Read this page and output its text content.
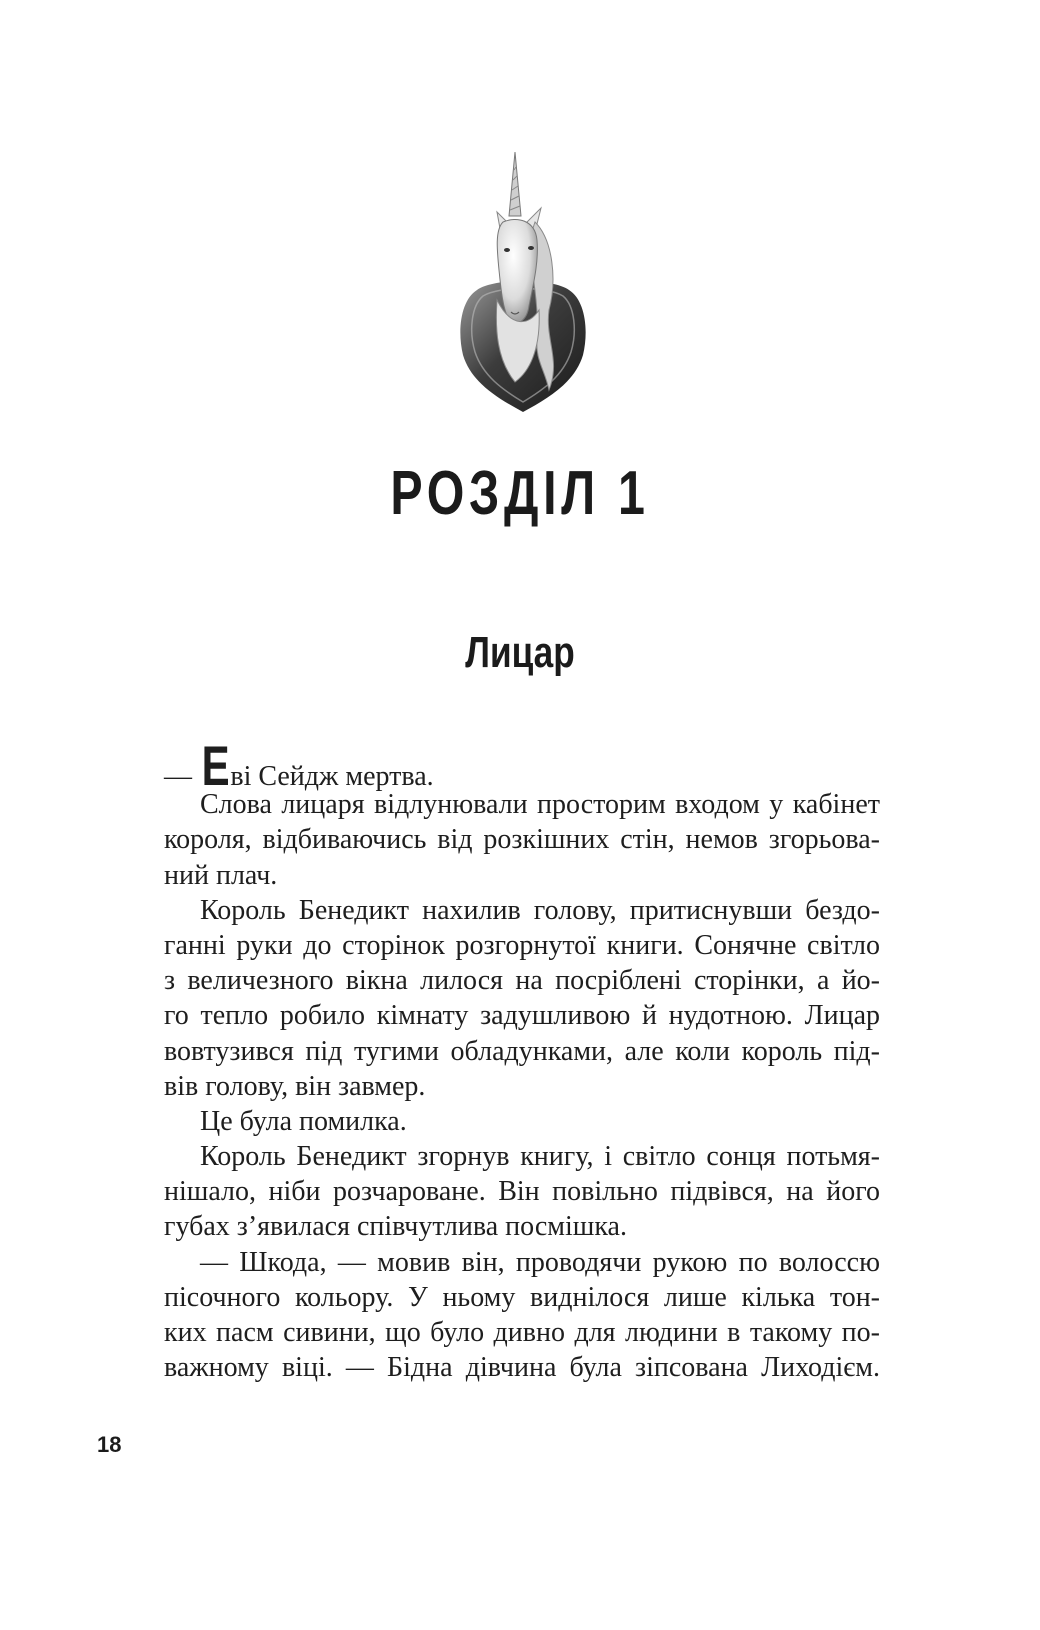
РОЗДІЛ 1
Лицар
— Еві Сейдж мертва.
Слова лицаря відлунювали просторим входом у кабінет
короля, відбиваючись від розкішних стін, немов згорьова-
ний плач.
Король Бенедикт нахилив голову, притиснувши бездо-
ганні руки до сторінок розгорнутої книги. Сонячне світло
з величезного вікна лилося на посріблені сторінки, а йо-
го тепло робило кімнату задушливою й нудотною. Лицар
вовтузився під тугими обладунками, але коли король під-
вів голову, він завмер.
Це була помилка.
Король Бенедикт згорнув книгу, і світло сонця потьмя-
нішало, ніби розчароване. Він повільно підвівся, на його
губах з’явилася співчутлива посмішка.
— Шкода, — мовив він, проводячи рукою по волоссю
пісочного кольору. У ньому виднілося лише кілька тон-
ких пасм сивини, що було дивно для людини в такому по-
важному віці. — Бідна дівчина була зіпсована Лиходієм.
18
